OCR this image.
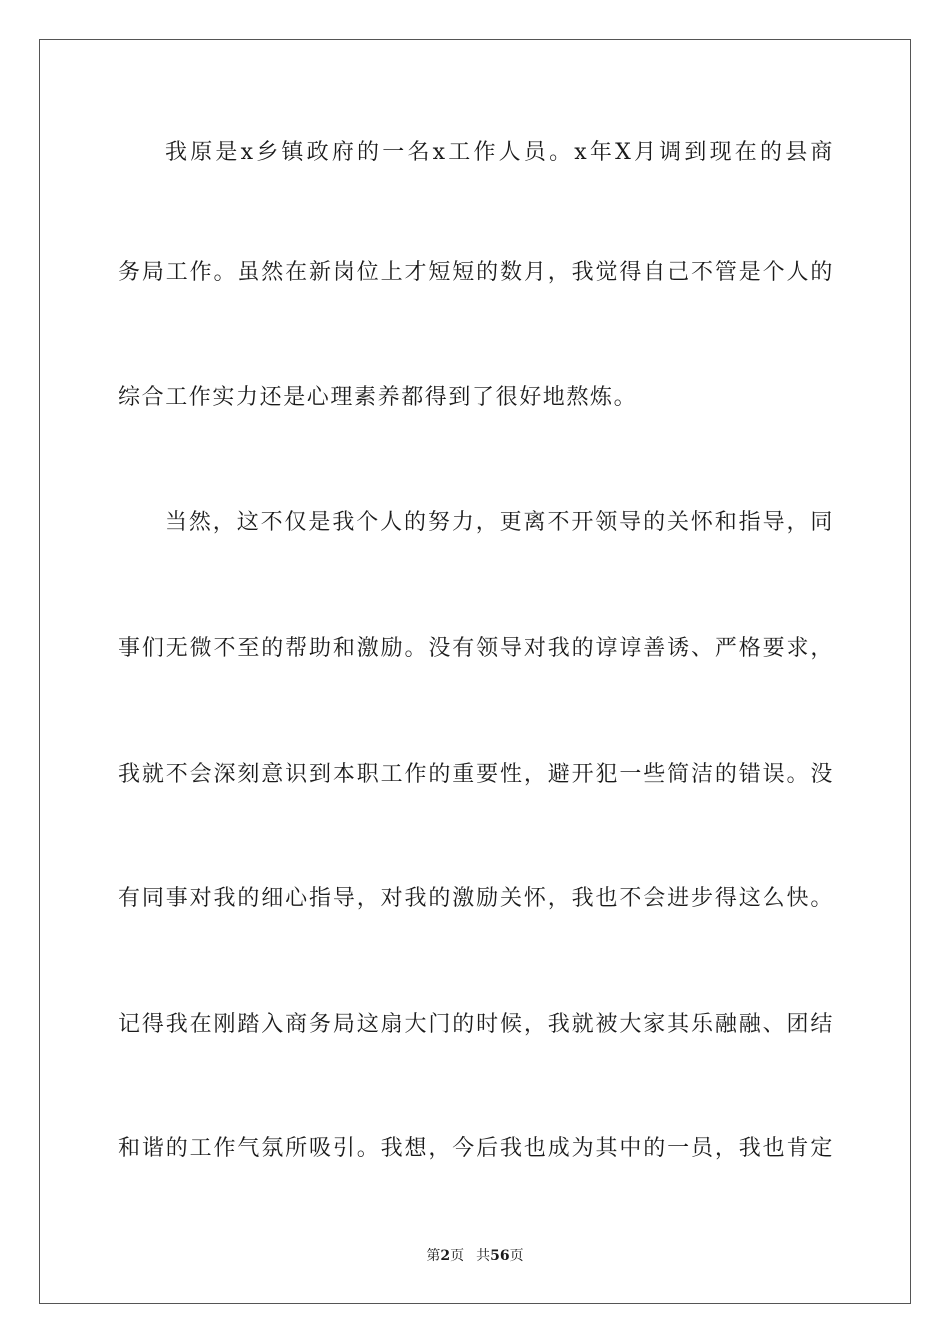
我原是x乡镇政府的一名x工作人员。x年X月调到现在的县商
务局工作。虽然在新岗位上才短短的数月，我觉得自己不管是个人的
综合工作实力还是心理素养都得到了很好地熬炼。
当然，这不仅是我个人的努力，更离不开领导的关怀和指导，同
事们无微不至的帮助和激励。没有领导对我的谆谆善诱、严格要求，
我就不会深刻意识到本职工作的重要性，避开犯一些简洁的错误。没
有同事对我的细心指导，对我的激励关怀，我也不会进步得这么快。
记得我在刚踏入商务局这扇大门的时候，我就被大家其乐融融、团结
和谐的工作气氛所吸引。我想，今后我也成为其中的一员，我也肯定
第2页 共56页
